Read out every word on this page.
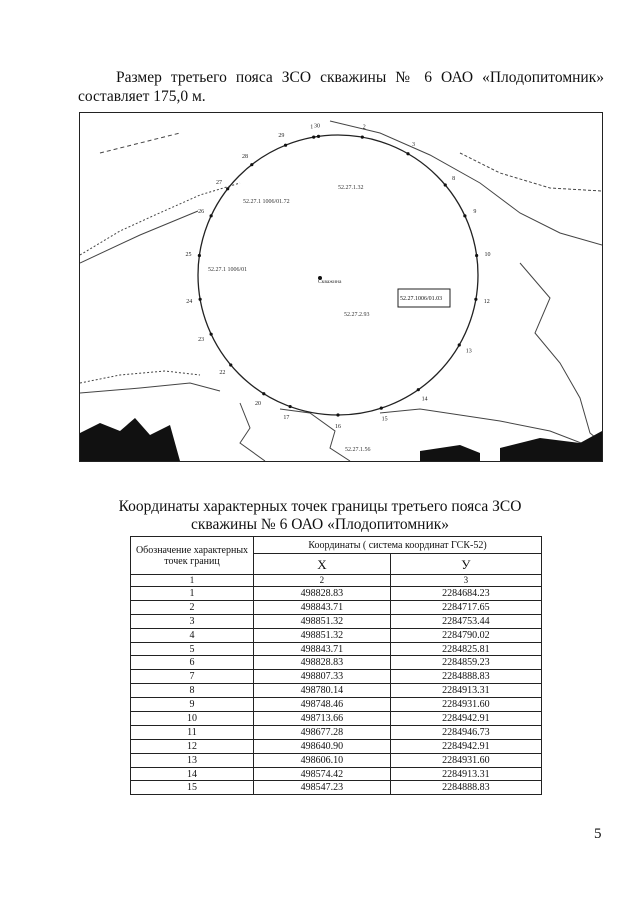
Размер третьего пояса ЗСО скважины № 6 ОАО «Плодопитомник» составляет 175,0 м.

1	2
3
8
9
10
12
13
14
15
16
17
20
22
23
24
25
26
27
28
29
30
52.27.1 1006/01.72
52.27.1 1006/01
52.27.1.32
52.27.2.93
52.27.1.56
52.27.1006/01.03
Скважина
Координаты характерных точек границы третьего пояса ЗСО
скважины № 6 ОАО «Плодопитомник»
Обозначение характерных точек границ	Координаты ( система координат ГСК-52)	
	X	У
1	2	3
1	498828.83	2284684.23
2	498843.71	2284717.65
3	498851.32	2284753.44
4	498851.32	2284790.02
5	498843.71	2284825.81
6	498828.83	2284859.23
7	498807.33	2284888.83
8	498780.14	2284913.31
9	498748.46	2284931.60
10	498713.66	2284942.91
11	498677.28	2284946.73
12	498640.90	2284942.91
13	498606.10	2284931.60
14	498574.42	2284913.31
15	498547.23	2284888.83
5
